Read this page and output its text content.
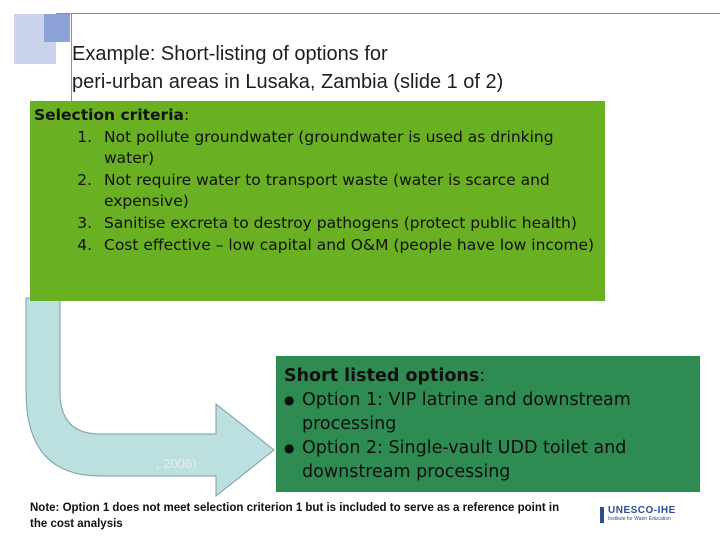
Example: Short-listing of options for
peri-urban areas in Lusaka, Zambia (slide 1 of 2)
, 2006)
Selection criteria:
1. Not pollute groundwater (groundwater is used as drinking water)
2. Not require water to transport waste (water is scarce and expensive)
3. Sanitise excreta to destroy pathogens (protect public health)
4. Cost effective – low capital and O&M (people have low income)
Short listed options:
● Option 1: VIP latrine and downstream processing
● Option 2: Single-vault UDD toilet and downstream processing
Note: Option 1 does not meet selection criterion 1 but is included to serve as a reference point in the cost analysis
UNESCO-IHE
Institute for Water Education
